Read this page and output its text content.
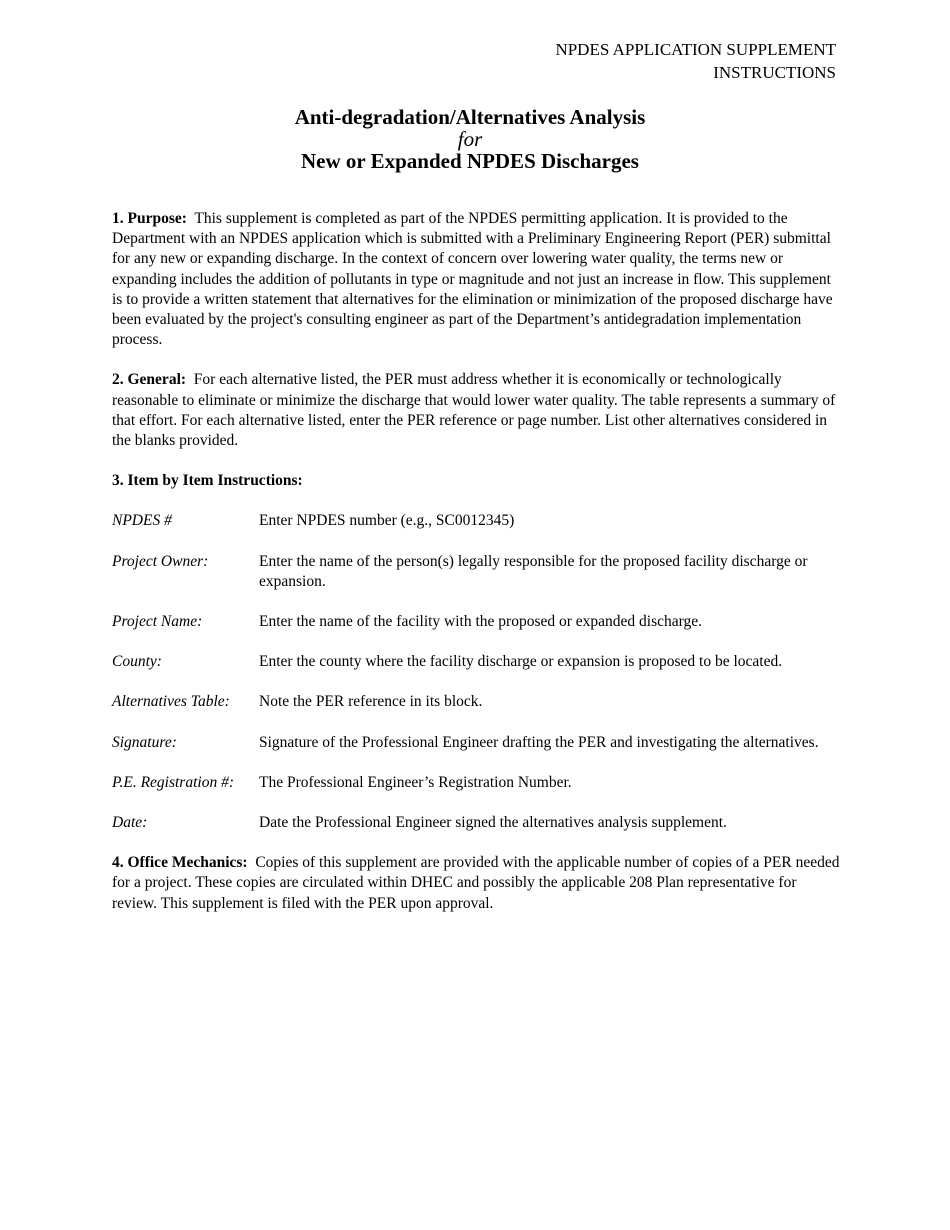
NPDES APPLICATION SUPPLEMENT
INSTRUCTIONS
Anti-degradation/Alternatives Analysis
for
New or Expanded NPDES Discharges

1. Purpose: This supplement is completed as part of the NPDES permitting application. It is provided to the Department with an NPDES application which is submitted with a Preliminary Engineering Report (PER) submittal for any new or expanding discharge. In the context of concern over lowering water quality, the terms new or expanding includes the addition of pollutants in type or magnitude and not just an increase in flow. This supplement is to provide a written statement that alternatives for the elimination or minimization of the proposed discharge have been evaluated by the project's consulting engineer as part of the Department’s antidegradation implementation process.

2. General: For each alternative listed, the PER must address whether it is economically or technologically reasonable to eliminate or minimize the discharge that would lower water quality. The table represents a summary of that effort. For each alternative listed, enter the PER reference or page number. List other alternatives considered in the blanks provided.

3. Item by Item Instructions:
NPDES #	Enter NPDES number (e.g., SC0012345)
Project Owner:	Enter the name of the person(s) legally responsible for the proposed facility discharge or expansion.
Project Name:	Enter the name of the facility with the proposed or expanded discharge.
County:	Enter the county where the facility discharge or expansion is proposed to be located.
Alternatives Table:	Note the PER reference in its block.
Signature:	Signature of the Professional Engineer drafting the PER and investigating the alternatives.
P.E. Registration #:	The Professional Engineer’s Registration Number.
Date:	Date the Professional Engineer signed the alternatives analysis supplement.

4. Office Mechanics: Copies of this supplement are provided with the applicable number of copies of a PER needed for a project. These copies are circulated within DHEC and possibly the applicable 208 Plan representative for review. This supplement is filed with the PER upon approval.
